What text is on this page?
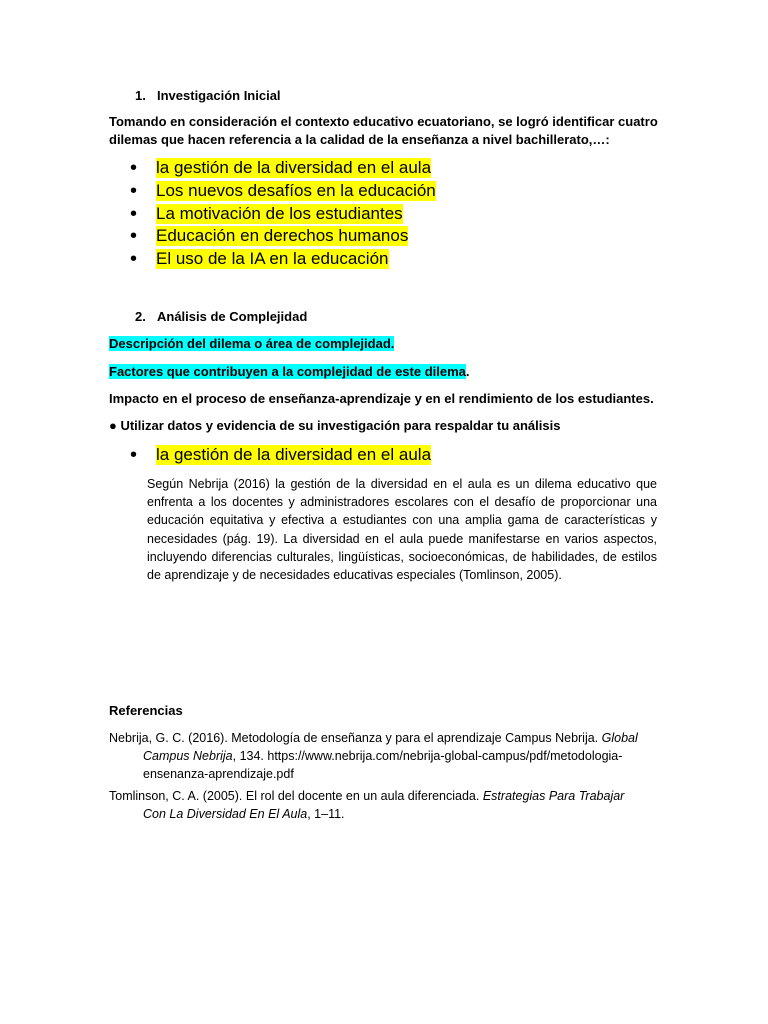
1. Investigación Inicial
Tomando en consideración el contexto educativo ecuatoriano, se logró identificar cuatro
dilemas que hacen referencia a la calidad de la enseñanza a nivel bachillerato,…:
• la gestión de la diversidad en el aula
• Los nuevos desafíos en la educación
• La motivación de los estudiantes
• Educación en derechos humanos
• El uso de la IA en la educación
2. Análisis de Complejidad
Descripción del dilema o área de complejidad.
Factores que contribuyen a la complejidad de este dilema.
Impacto en el proceso de enseñanza-aprendizaje y en el rendimiento de los estudiantes.
● Utilizar datos y evidencia de su investigación para respaldar tu análisis
• la gestión de la diversidad en el aula
Según Nebrija (2016) la gestión de la diversidad en el aula es un dilema educativo que enfrenta a los docentes y administradores escolares con el desafío de proporcionar una educación equitativa y efectiva a estudiantes con una amplia gama de características y necesidades (pág. 19). La diversidad en el aula puede manifestarse en varios aspectos, incluyendo diferencias culturales, lingüísticas, socioeconómicas, de habilidades, de estilos de aprendizaje y de necesidades educativas especiales (Tomlinson, 2005).
Referencias
Nebrija, G. C. (2016). Metodología de enseñanza y para el aprendizaje Campus Nebrija. Global
Campus Nebrija, 134. https://www.nebrija.com/nebrija-global-campus/pdf/metodologia-
ensenanza-aprendizaje.pdf
Tomlinson, C. A. (2005). El rol del docente en un aula diferenciada. Estrategias Para Trabajar
Con La Diversidad En El Aula, 1–11.
